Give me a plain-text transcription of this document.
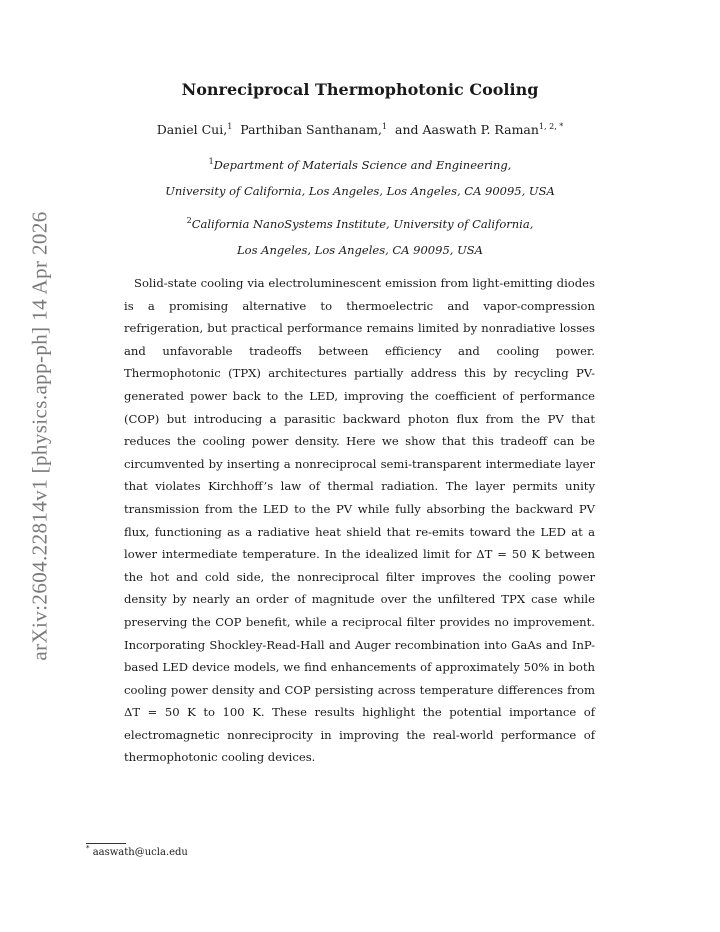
arXiv:2604.22814v1 [physics.app-ph] 14 Apr 2026
Nonreciprocal Thermophotonic Cooling
Daniel Cui,$^1$ Parthiban Santhanam,$^1$ and Aaswath P. Raman$^{1, 2, *}$
$^1$Department of Materials Science and Engineering,
University of California, Los Angeles, Los Angeles, CA 90095, USA
$^2$California NanoSystems Institute, University of California,
Los Angeles, Los Angeles, CA 90095, USA

Solid-state cooling via electroluminescent emission from light-emitting diodes is a promising alternative to thermoelectric and vapor-compression refrigeration, but practical performance remains limited by nonradiative losses and unfavorable tradeoffs between efficiency and cooling power. Thermophotonic (TPX) architectures partially address this by recycling PV-generated power back to the LED, improving the coefficient of performance (COP) but introducing a parasitic backward photon flux from the PV that reduces the cooling power density. Here we show that this tradeoff can be circumvented by inserting a nonreciprocal semi-transparent intermediate layer that violates Kirchhoff’s law of thermal radiation. The layer permits unity transmission from the LED to the PV while fully absorbing the backward PV flux, functioning as a radiative heat shield that re-emits toward the LED at a lower intermediate temperature. In the idealized limit for ΔT = 50 K between the hot and cold side, the nonreciprocal filter improves the cooling power density by nearly an order of magnitude over the unfiltered TPX case while preserving the COP benefit, while a reciprocal filter provides no improvement. Incorporating Shockley-Read-Hall and Auger recombination into GaAs and InP-based LED device models, we find enhancements of approximately 50% in both cooling power density and COP persisting across temperature differences from ΔT = 50 K to 100 K. These results highlight the potential importance of electromagnetic nonreciprocity in improving the real-world performance of thermophotonic cooling devices.

* aaswath@ucla.edu
